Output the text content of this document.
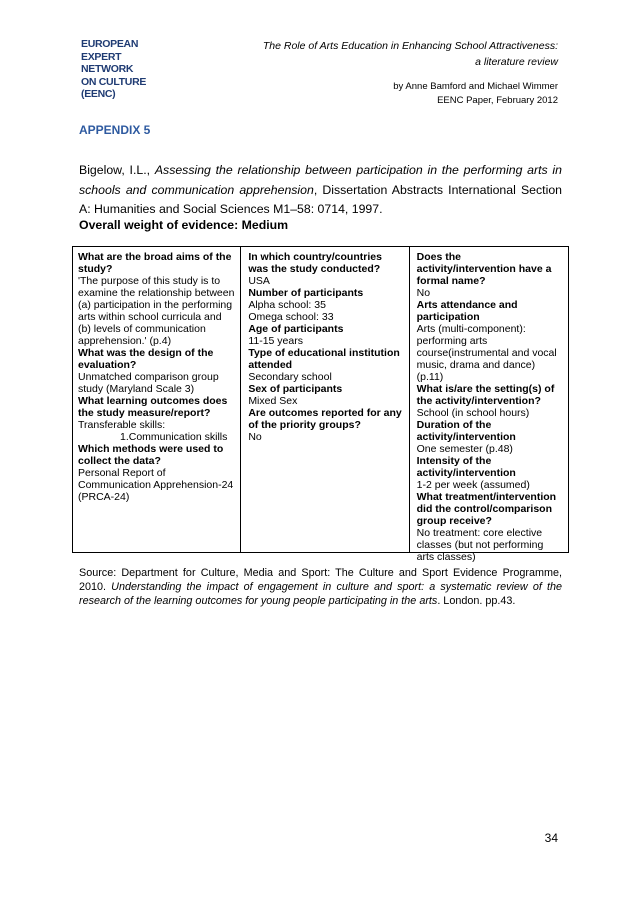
EUROPEAN
EXPERT
NETWORK
ON CULTURE
(EENC)
The Role of Arts Education in Enhancing School Attractiveness:
a literature review
by Anne Bamford and Michael Wimmer
EENC Paper, February 2012
APPENDIX 5
Bigelow, I.L., Assessing the relationship between participation in the performing arts in schools and communication apprehension, Dissertation Abstracts International Section A: Humanities and Social Sciences M1–58: 0714, 1997.
Overall weight of evidence: Medium

What are the broad aims of the study?

'The purpose of this study is to examine the relationship between (a) participation in the performing arts within school curricula and (b) levels of communication apprehension.' (p.4)

What was the design of the evaluation?

Unmatched comparison group study (Maryland Scale 3)

What learning outcomes does the study measure/report?

Transferable skills:

1.Communication skills

Which methods were used to collect the data?

Personal Report of Communication Apprehension-24 (PRCA-24)

In which country/countries was the study conducted?

USA

Number of participants

Alpha school: 35

Omega school: 33

Age of participants

11-15 years

Type of educational institution attended

Secondary school

Sex of participants

Mixed Sex

Are outcomes reported for any of the priority groups?

No

Does the activity/intervention have a formal name?

No

Arts attendance and participation

Arts (multi-component): performing arts course(instrumental and vocal music, drama and dance) (p.11)

What is/are the setting(s) of the activity/intervention?

School (in school hours)

Duration of the activity/intervention

One semester (p.48)

Intensity of the activity/intervention

1-2 per week (assumed)

What treatment/intervention did the control/comparison group receive?

No treatment: core elective classes (but not performing arts classes)

Source: Department for Culture, Media and Sport: The Culture and Sport Evidence Programme, 2010. Understanding the impact of engagement in culture and sport: a systematic review of the research of the learning outcomes for young people participating in the arts. London. pp.43.
34
